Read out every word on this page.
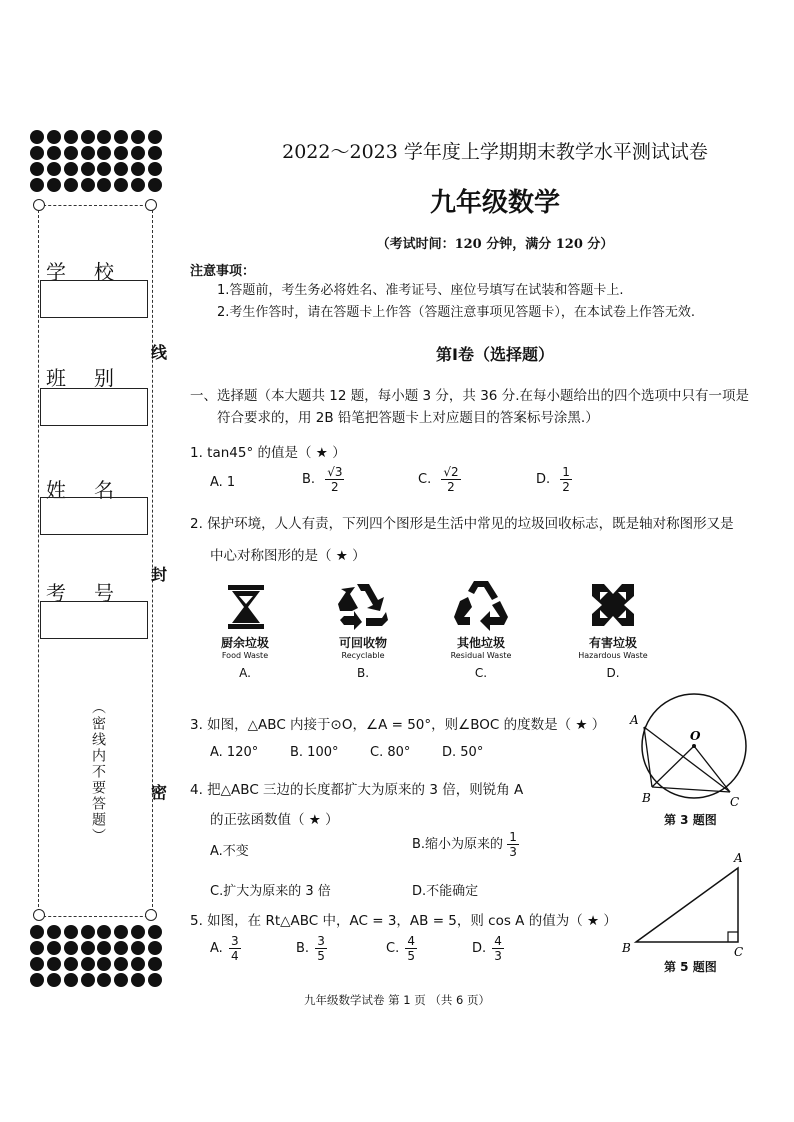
学校
班别
姓名
考号
（密线内不要答题）
线
封
密
2022～2023 学年度上学期期末教学水平测试试卷
九年级数学
（考试时间：120 分钟，满分 120 分）
注意事项：
1.答题前，考生务必将姓名、准考证号、座位号填写在试装和答题卡上.
2.考生作答时，请在答题卡上作答（答题注意事项见答题卡），在本试卷上作答无效.
第Ⅰ卷（选择题）
一、选择题（本大题共 12 题，每小题 3 分，共 36 分.在每小题给出的四个选项中只有一项是
符合要求的，用 2B 铅笔把答题卡上对应题目的答案标号涂黑.）
1. tan45° 的值是（ ★ ）
A. 1	B. $\frac{√3}{2}$	C. $\frac{√2}{2}$	D. $\frac{1}{2}$
2. 保护环境，人人有责，下列四个图形是生活中常见的垃圾回收标志，既是轴对称图形又是
中心对称图形的是（ ★ ）
厨余垃圾
Food Waste
A.
可回收物
Recyclable
B.
其他垃圾
Residual Waste
C.
有害垃圾
Hazardous Waste
D.
3. 如图，△ABC 内接于⊙O，∠A = 50°，则∠BOC 的度数是（ ★ ）
A. 120° B. 100° C. 80° D. 50°
A
B	C
O
第 3 题图
4. 把△ABC 三边的长度都扩大为原来的 3 倍，则锐角 A
的正弦函数值（ ★ ）
A.不变	B.缩小为原来的 $\frac{1}{3}$
C.扩大为原来的 3 倍	D.不能确定
5. 如图，在 Rt△ABC 中，AC = 3，AB = 5，则 cos A 的值为（ ★ ）
A. $\frac{3}{4}$	B. $\frac{3}{5}$	C. $\frac{4}{5}$	D. $\frac{4}{3}$
A
B	C
第 5 题图
九年级数学试卷 第 1 页 （共 6 页）
